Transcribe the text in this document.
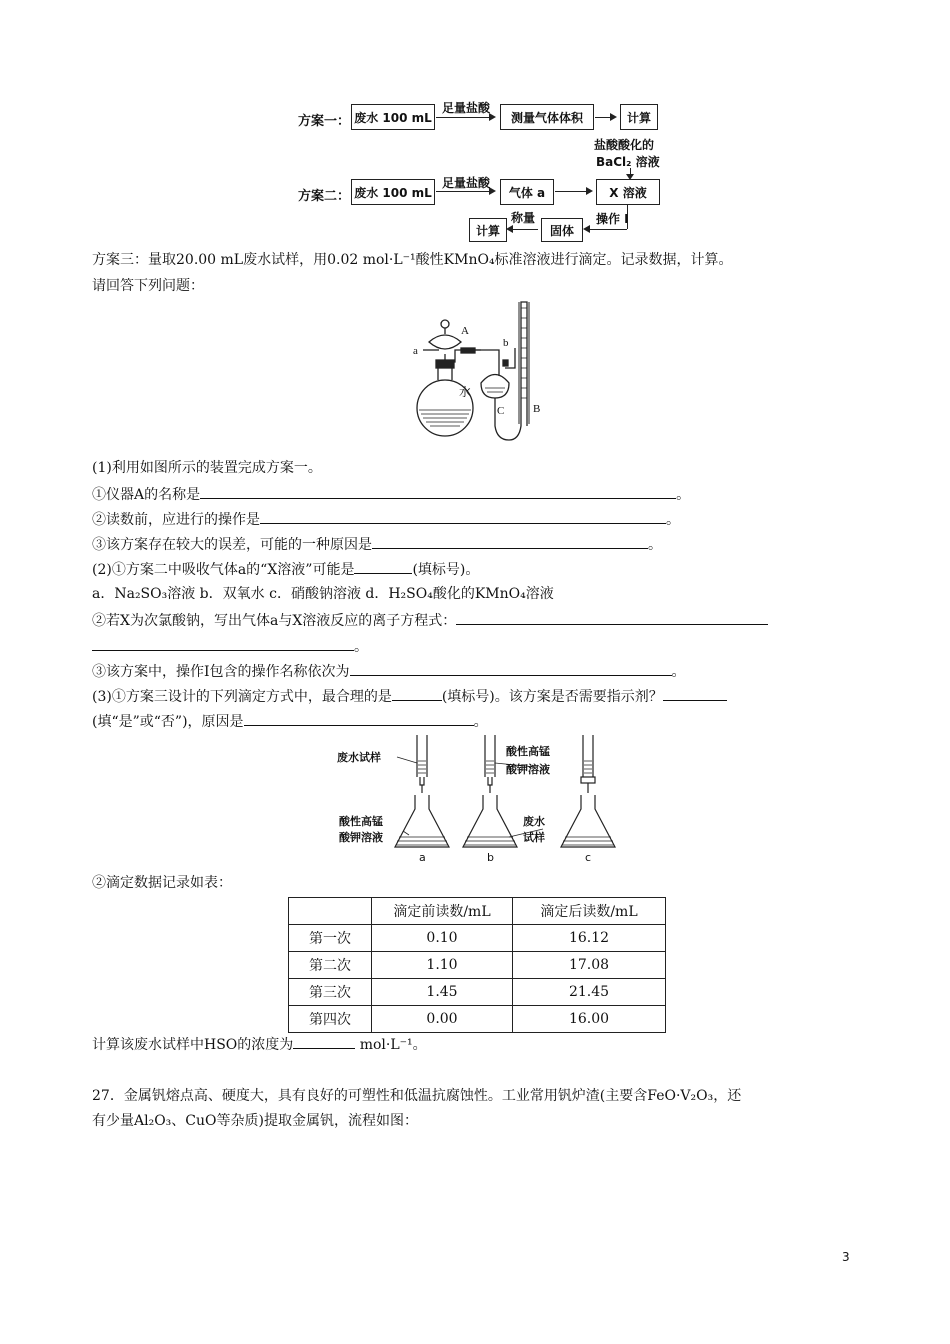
方案一： 废水 100 mL
足量盐酸
测量气体体积	计算
盐酸酸化的
BaCl₂ 溶液
方案二： 废水 100 mL
足量盐酸
气体 a	X 溶液
操作 I
固体
称量
计算
方案三：量取20.00 mL废水试样，用0.02 mol·L⁻¹酸性KMnO₄标准溶液进行滴定。记录数据，计算。
请回答下列问题：
A
a
b
水
C	B
(1)利用如图所示的装置完成方案一。
①仪器A的名称是	。
②读数前，应进行的操作是	。
③该方案存在较大的误差，可能的一种原因是	。
(2)①方案二中吸收气体a的“X溶液”可能是	(填标号)。
a．Na₂SO₃溶液 b．双氧水 c．硝酸钠溶液 d．H₂SO₄酸化的KMnO₄溶液
②若X为次氯酸钠，写出气体a与X溶液反应的离子方程式：
。
③该方案中，操作I包含的操作名称依次为	。
(3)①方案三设计的下列滴定方式中，最合理的是	(填标号)。该方案是否需要指示剂？
(填“是”或“否”)，原因是	。
废水试样	酸性高锰
酸钾溶液
酸性高锰
酸钾溶液
废水
试样
a	b	c
②滴定数据记录如表：
	滴定前读数/mL	滴定后读数/mL
第一次	0.10	16.12
第二次	1.10	17.08
第三次	1.45	21.45
第四次	0.00	16.00
计算该废水试样中HSO的浓度为	mol·L⁻¹。
27．金属钒熔点高、硬度大，具有良好的可塑性和低温抗腐蚀性。工业常用钒炉渣(主要含FeO·V₂O₃，还
有少量Al₂O₃、CuO等杂质)提取金属钒，流程如图：
3
